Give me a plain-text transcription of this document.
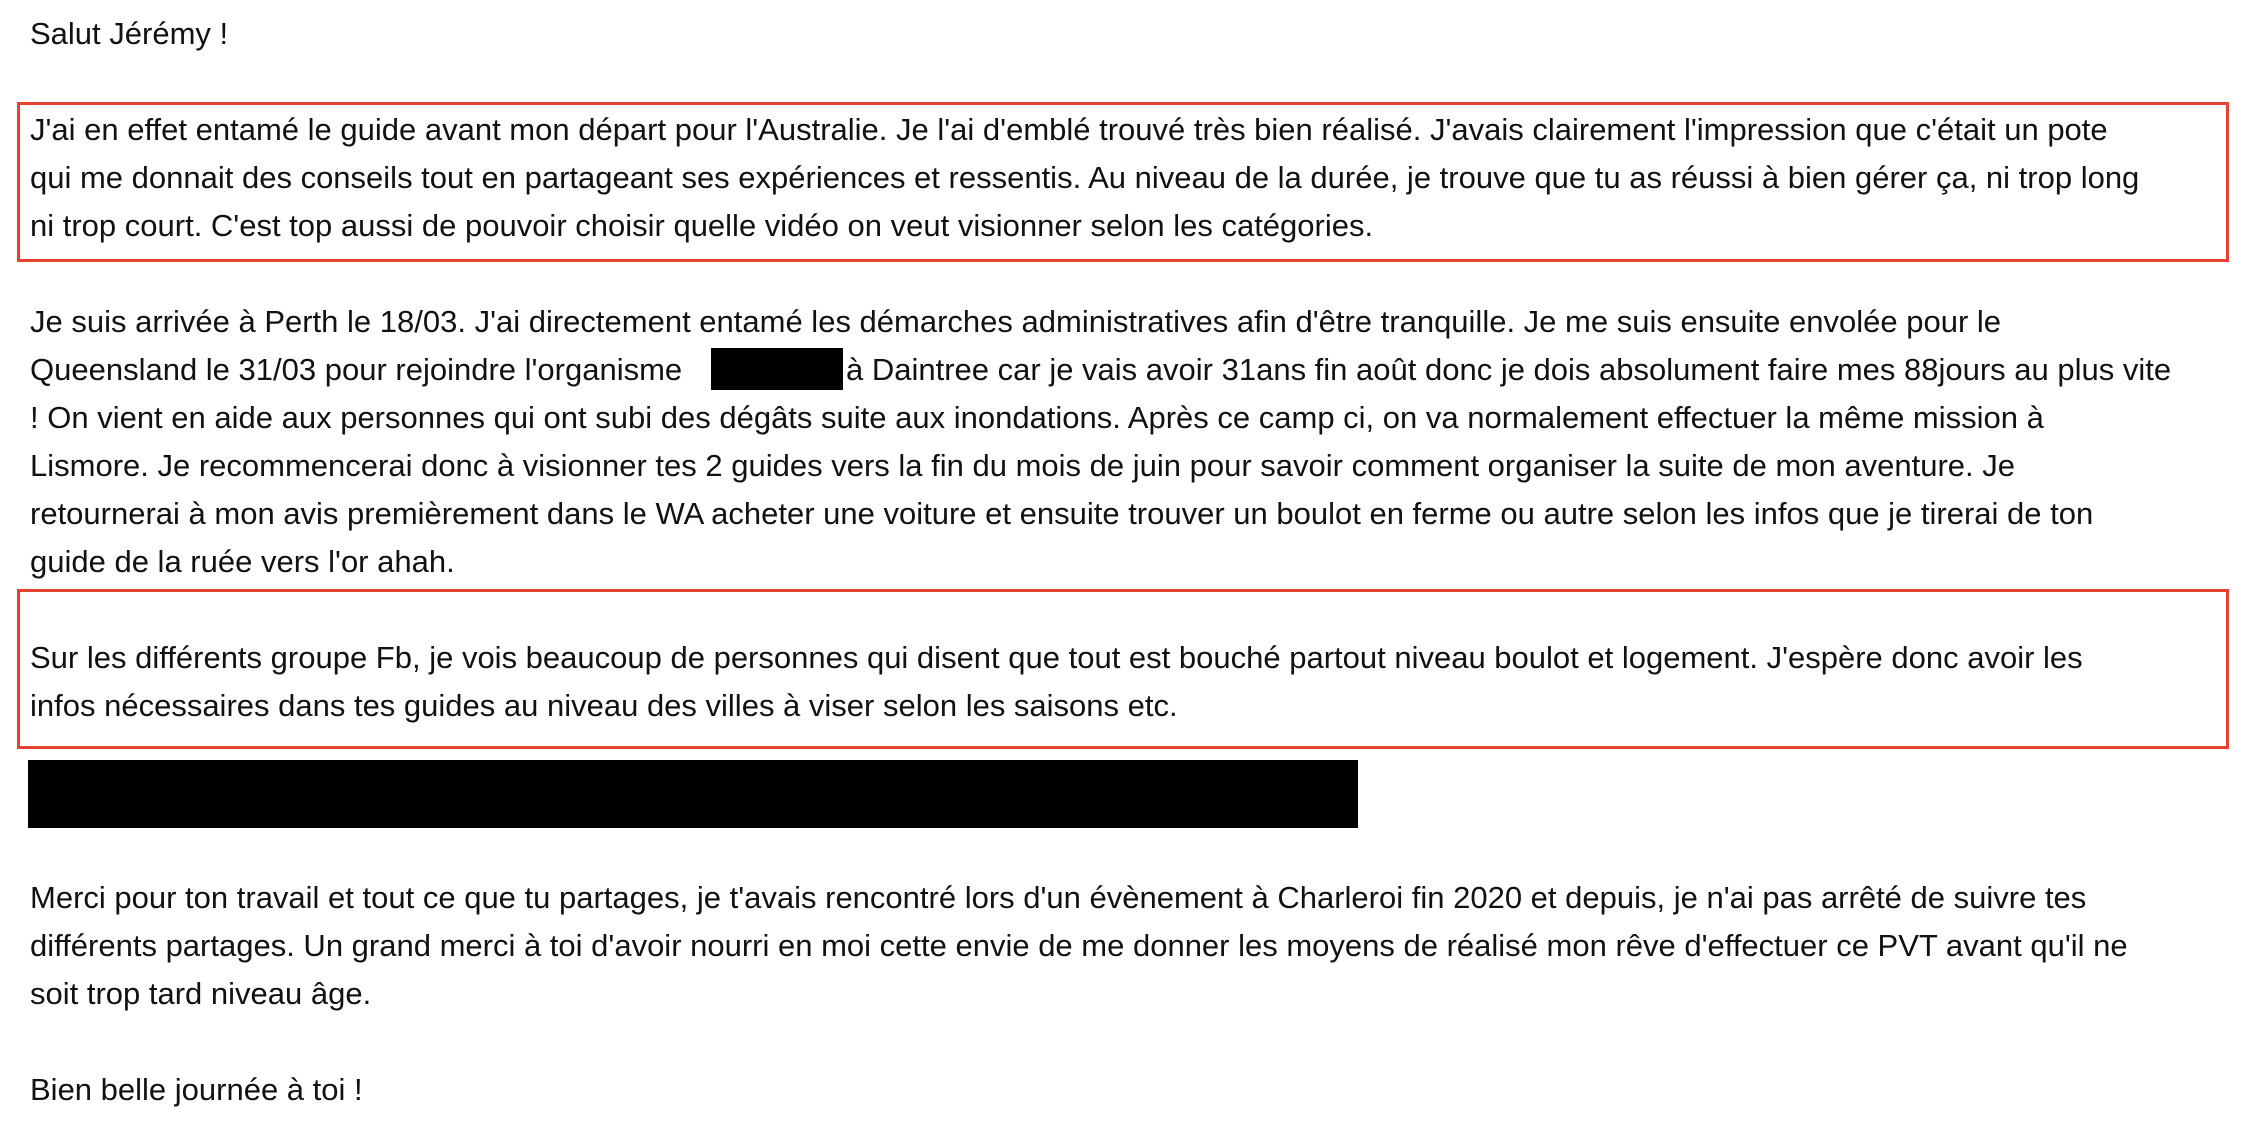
Salut Jérémy !

J'ai en effet entamé le guide avant mon départ pour l'Australie. Je l'ai d'emblé trouvé très bien réalisé. J'avais clairement l'impression que c'était un pote

qui me donnait des conseils tout en partageant ses expériences et ressentis. Au niveau de la durée, je trouve que tu as réussi à bien gérer ça, ni trop long

ni trop court. C'est top aussi de pouvoir choisir quelle vidéo on veut visionner selon les catégories.

Je suis arrivée à Perth le 18/03. J'ai directement entamé les démarches administratives afin d'être tranquille. Je me suis ensuite envolée pour le

Queensland le 31/03 pour rejoindre l'organisme	à Daintree car je vais avoir 31ans fin août donc je dois absolument faire mes 88jours au plus vite

! On vient en aide aux personnes qui ont subi des dégâts suite aux inondations. Après ce camp ci, on va normalement effectuer la même mission à

Lismore. Je recommencerai donc à visionner tes 2 guides vers la fin du mois de juin pour savoir comment organiser la suite de mon aventure. Je

retournerai à mon avis premièrement dans le WA acheter une voiture et ensuite trouver un boulot en ferme ou autre selon les infos que je tirerai de ton

guide de la ruée vers l'or ahah.

Sur les différents groupe Fb, je vois beaucoup de personnes qui disent que tout est bouché partout niveau boulot et logement. J'espère donc avoir les

infos nécessaires dans tes guides au niveau des villes à viser selon les saisons etc.

Merci pour ton travail et tout ce que tu partages, je t'avais rencontré lors d'un évènement à Charleroi fin 2020 et depuis, je n'ai pas arrêté de suivre tes

différents partages. Un grand merci à toi d'avoir nourri en moi cette envie de me donner les moyens de réalisé mon rêve d'effectuer ce PVT avant qu'il ne

soit trop tard niveau âge.

Bien belle journée à toi !
